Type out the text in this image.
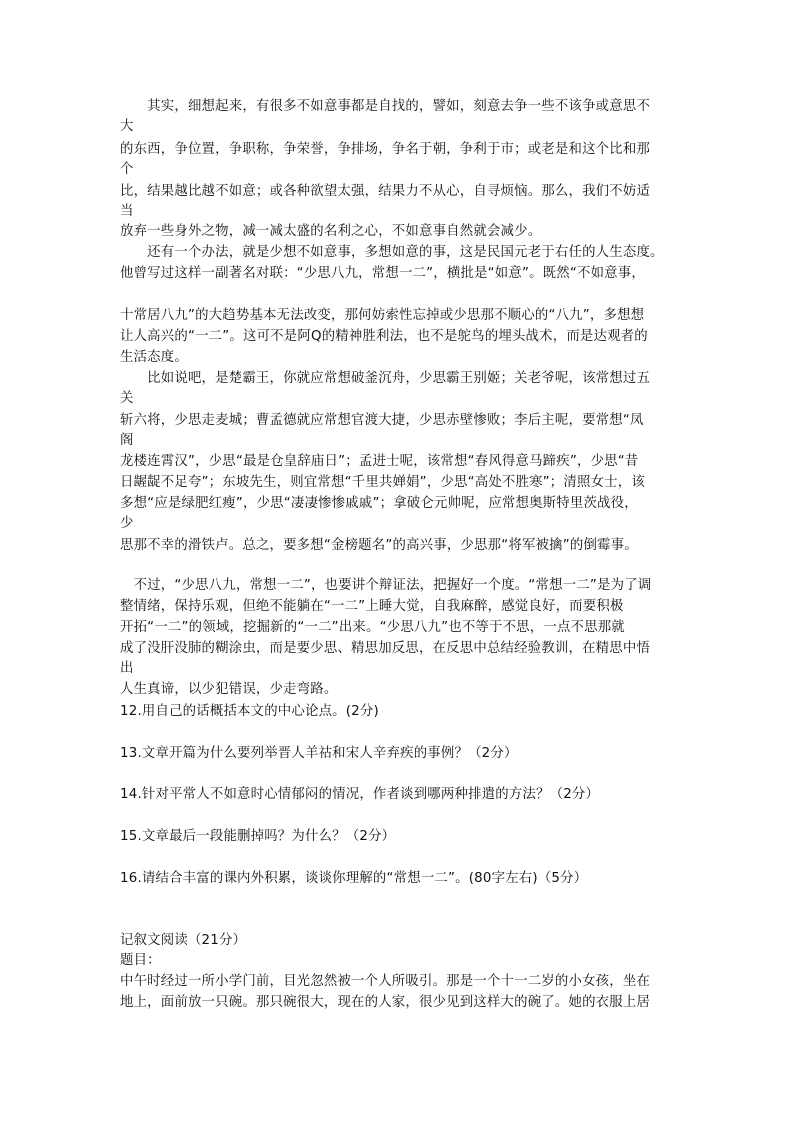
　　其实，细想起来，有很多不如意事都是自找的，譬如，刻意去争一些不该争或意思不
大
的东西，争位置，争职称，争荣誉，争排场，争名于朝，争利于市；或老是和这个比和那
个
比，结果越比越不如意；或各种欲望太强，结果力不从心，自寻烦恼。那么，我们不妨适
当
放弃一些身外之物，减一减太盛的名利之心，不如意事自然就会减少。
　　还有一个办法，就是少想不如意事，多想如意的事，这是民国元老于右任的人生态度。
他曾写过这样一副著名对联：“少思八九，常想一二”，横批是“如意”。既然“不如意事，
十常居八九”的大趋势基本无法改变，那何妨索性忘掉或少思那不顺心的“八九”，多想想
让人高兴的“一二”。这可不是阿Q的精神胜利法，也不是鸵鸟的埋头战术，而是达观者的
生活态度。
　　比如说吧，是楚霸王，你就应常想破釜沉舟，少思霸王别姬；关老爷呢，该常想过五
关
斩六将，少思走麦城；曹孟德就应常想官渡大捷，少思赤壁惨败；李后主呢，要常想“凤
阁
龙楼连霄汉”，少思“最是仓皇辞庙日”；孟进士呢，该常想“春风得意马蹄疾”，少思“昔
日龌龊不足夸”；东坡先生，则宜常想“千里共婵娟”，少思“高处不胜寒”；清照女士，该
多想“应是绿肥红瘦”，少思“凄凄惨惨戚戚”；拿破仑元帅呢，应常想奥斯特里茨战役，
少
思那不幸的滑铁卢。总之，要多想“金榜题名”的高兴事，少思那“将军被擒”的倒霉事。
　不过，“少思八九，常想一二”，也要讲个辩证法，把握好一个度。“常想一二”是为了调
整情绪，保持乐观，但绝不能躺在“一二”上睡大觉，自我麻醉，感觉良好，而要积极
开拓“一二”的领域，挖掘新的“一二”出来。“少思八九”也不等于不思，一点不思那就
成了没肝没肺的糊涂虫，而是要少思、精思加反思，在反思中总结经验教训，在精思中悟
出
人生真谛，以少犯错误，少走弯路。
12.用自己的话概括本文的中心论点。(2分)
13.文章开篇为什么要列举晋人羊祜和宋人辛弃疾的事例？（2分）
14.针对平常人不如意时心情郁闷的情况，作者谈到哪两种排遣的方法？（2分）
15.文章最后一段能删掉吗？为什么？（2分）
16.请结合丰富的课内外积累，谈谈你理解的“常想一二”。(80字左右)（5分）
记叙文阅读（21分）
题目：
中午时经过一所小学门前，目光忽然被一个人所吸引。那是一个十一二岁的小女孩，坐在
地上，面前放一只碗。那只碗很大，现在的人家，很少见到这样大的碗了。她的衣服上居
